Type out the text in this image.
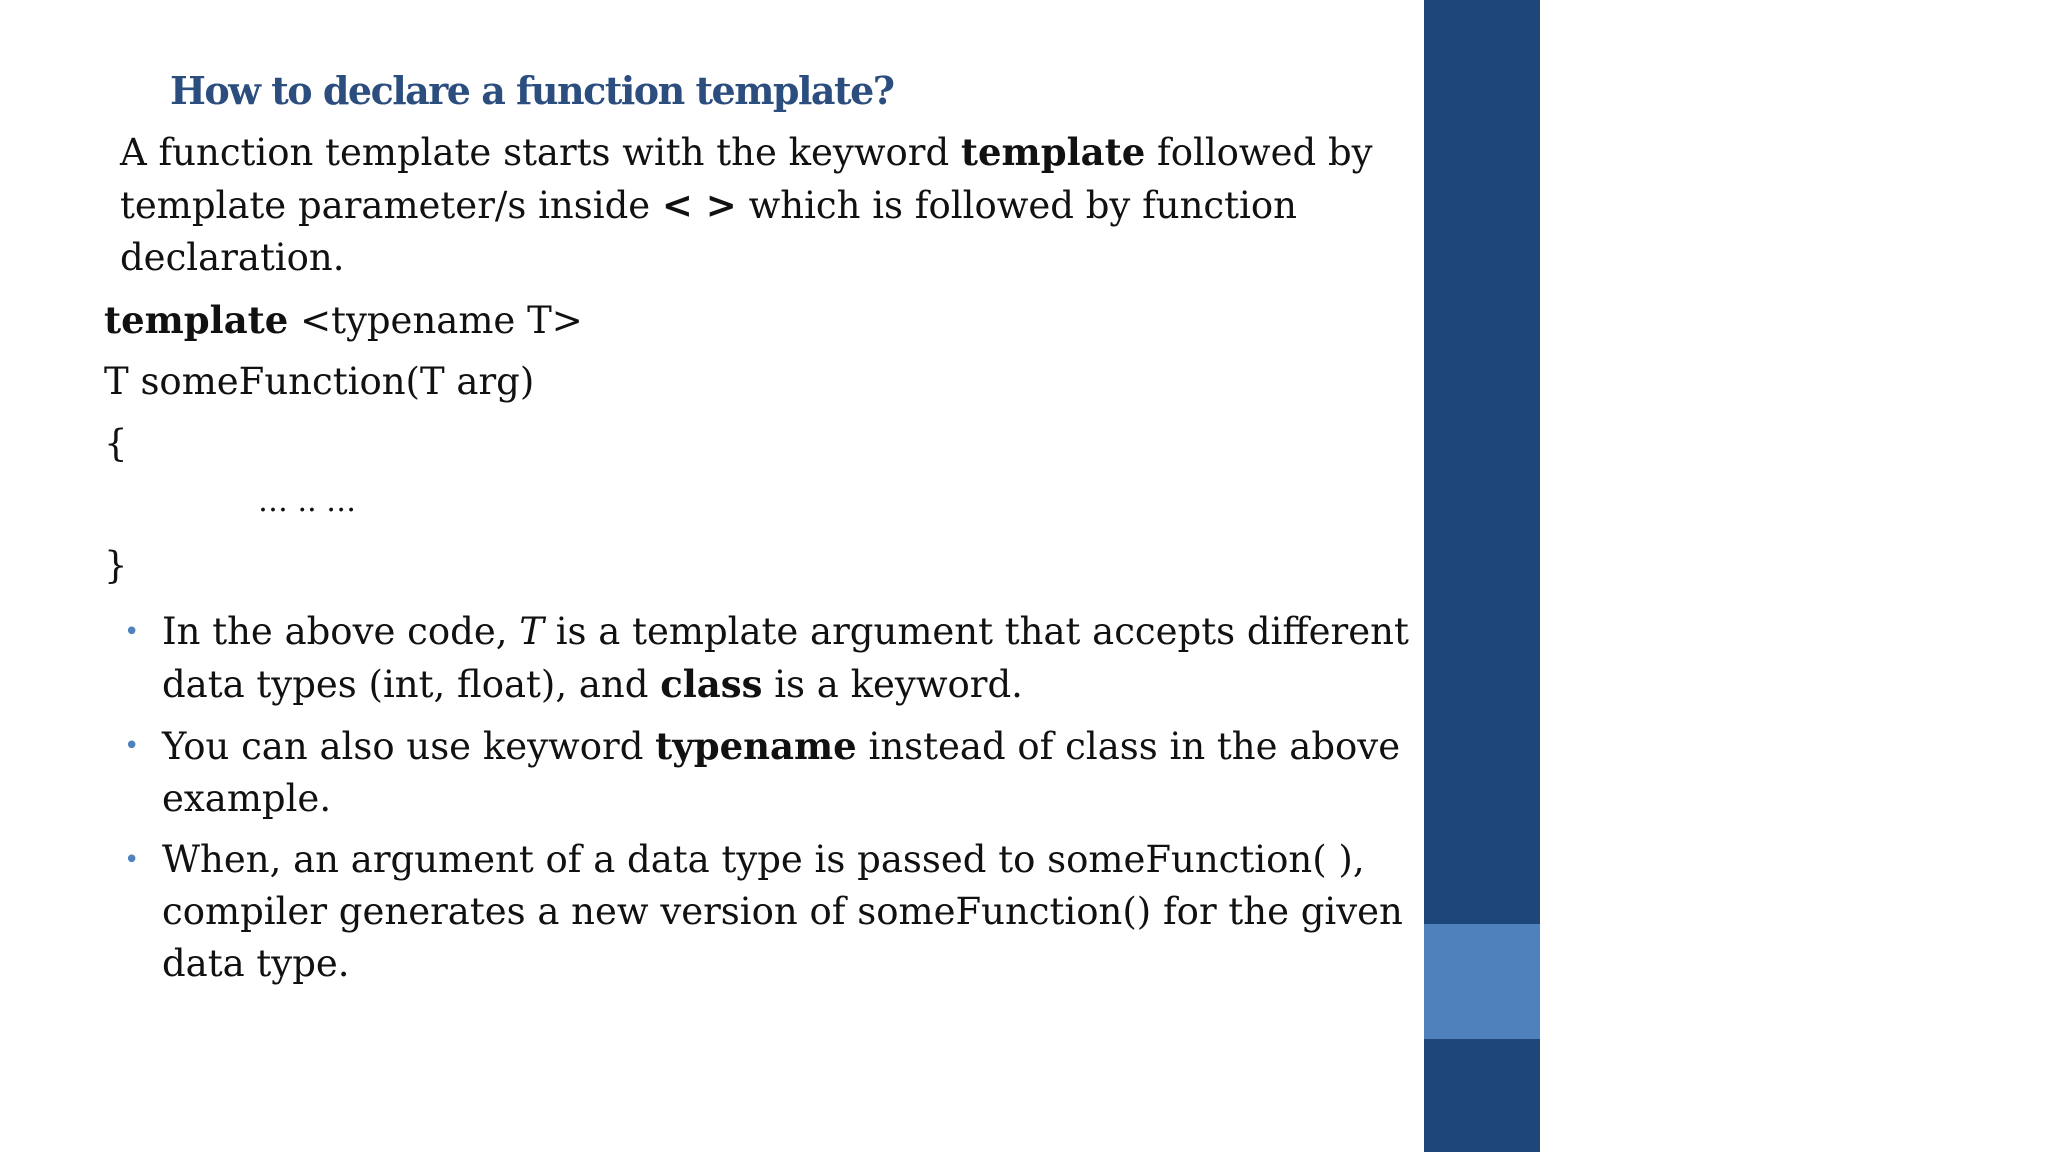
How to declare a function template?
A function template starts with the keyword template followed by
template parameter/s inside < > which is followed by function
declaration.
template <typename T>
T someFunction(T arg)
{
… .. …
}
• In the above code, T is a template argument that accepts different
data types (int, float), and class is a keyword.
• You can also use keyword typename instead of class in the above
example.
• When, an argument of a data type is passed to someFunction( ),
compiler generates a new version of someFunction() for the given
data type.
